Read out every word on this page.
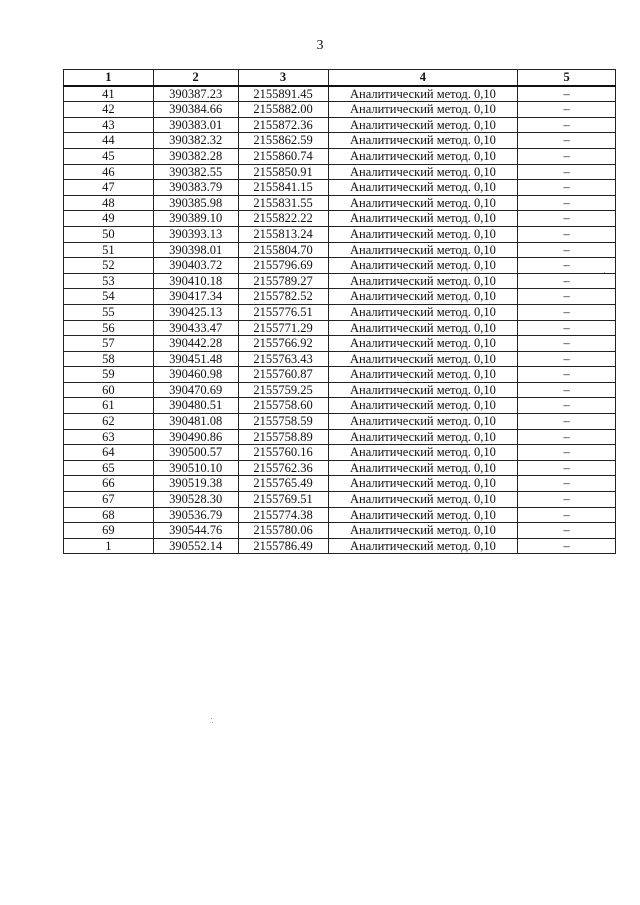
3
1	2	3	4	5
41	390387.23	2155891.45	Аналитический метод. 0,10	–
42	390384.66	2155882.00	Аналитический метод. 0,10	–
43	390383.01	2155872.36	Аналитический метод. 0,10	–
44	390382.32	2155862.59	Аналитический метод. 0,10	–
45	390382.28	2155860.74	Аналитический метод. 0,10	–
46	390382.55	2155850.91	Аналитический метод. 0,10	–
47	390383.79	2155841.15	Аналитический метод. 0,10	–
48	390385.98	2155831.55	Аналитический метод. 0,10	–
49	390389.10	2155822.22	Аналитический метод. 0,10	–
50	390393.13	2155813.24	Аналитический метод. 0,10	–
51	390398.01	2155804.70	Аналитический метод. 0,10	–
52	390403.72	2155796.69	Аналитический метод. 0,10	–
53	390410.18	2155789.27	Аналитический метод. 0,10	–
54	390417.34	2155782.52	Аналитический метод. 0,10	–
55	390425.13	2155776.51	Аналитический метод. 0,10	–
56	390433.47	2155771.29	Аналитический метод. 0,10	–
57	390442.28	2155766.92	Аналитический метод. 0,10	–
58	390451.48	2155763.43	Аналитический метод. 0,10	–
59	390460.98	2155760.87	Аналитический метод. 0,10	–
60	390470.69	2155759.25	Аналитический метод. 0,10	–
61	390480.51	2155758.60	Аналитический метод. 0,10	–
62	390481.08	2155758.59	Аналитический метод. 0,10	–
63	390490.86	2155758.89	Аналитический метод. 0,10	–
64	390500.57	2155760.16	Аналитический метод. 0,10	–
65	390510.10	2155762.36	Аналитический метод. 0,10	–
66	390519.38	2155765.49	Аналитический метод. 0,10	–
67	390528.30	2155769.51	Аналитический метод. 0,10	–
68	390536.79	2155774.38	Аналитический метод. 0,10	–
69	390544.76	2155780.06	Аналитический метод. 0,10	–
1	390552.14	2155786.49	Аналитический метод. 0,10	–
